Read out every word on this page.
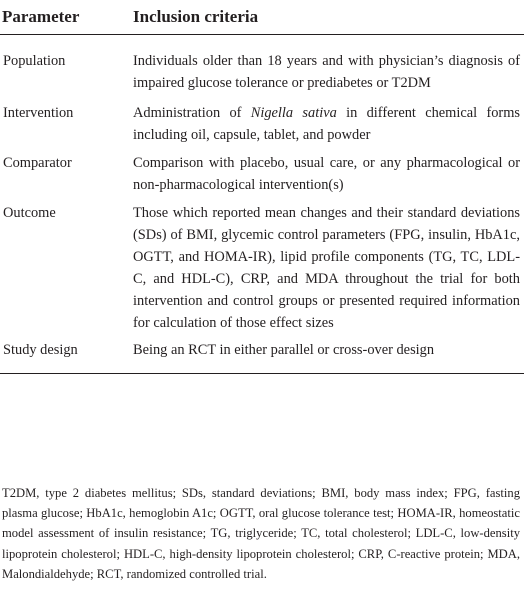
Parameter	Inclusion criteria
Population	Individuals older than 18 years and with physician’s diagnosis of impaired glucose tolerance or prediabetes or T2DM
Intervention	Administration of Nigella sativa in different chemical forms including oil, capsule, tablet, and powder
Comparator	Comparison with placebo, usual care, or any pharmacological or non-pharmacological intervention(s)
Outcome	Those which reported mean changes and their standard deviations (SDs) of BMI, glycemic control parameters (FPG, insulin, HbA1c, OGTT, and HOMA-IR), lipid profile components (TG, TC, LDL-C, and HDL-C), CRP, and MDA throughout the trial for both intervention and control groups or presented required information for calculation of those effect sizes
Study design	Being an RCT in either parallel or cross-over design

T2DM, type 2 diabetes mellitus; SDs, standard deviations; BMI, body mass index; FPG, fasting plasma glucose; HbA1c, hemoglobin A1c; OGTT, oral glucose tolerance test; HOMA-IR, homeostatic model assessment of insulin resistance; TG, triglyceride; TC, total cholesterol; LDL-C, low-density lipoprotein cholesterol; HDL-C, high-density lipoprotein cholesterol; CRP, C-reactive protein; MDA, Malondialdehyde; RCT, randomized controlled trial.
